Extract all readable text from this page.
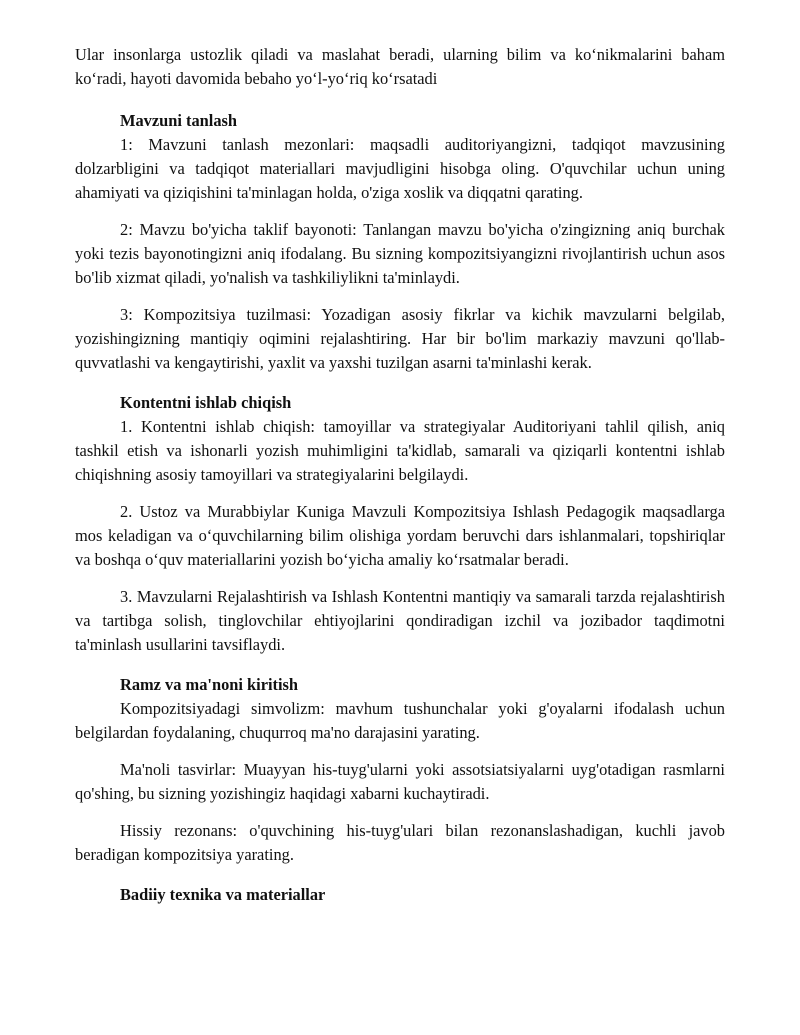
Ular insonlarga ustozlik qiladi va maslahat beradi, ularning bilim va ko‘nikmalarini baham ko‘radi, hayoti davomida bebaho yo‘l-yo‘riq ko‘rsatadi

Mavzuni tanlash

1: Mavzuni tanlash mezonlari: maqsadli auditoriyangizni, tadqiqot mavzusining dolzarbligini va tadqiqot materiallari mavjudligini hisobga oling. O'quvchilar uchun uning ahamiyati va qiziqishini ta'minlagan holda, o'ziga xoslik va diqqatni qarating.

2: Mavzu bo'yicha taklif bayonoti: Tanlangan mavzu bo'yicha o'zingizning aniq burchak yoki tezis bayonotingizni aniq ifodalang. Bu sizning kompozitsiyangizni rivojlantirish uchun asos bo'lib xizmat qiladi, yo'nalish va tashkiliylikni ta'minlaydi.

3: Kompozitsiya tuzilmasi: Yozadigan asosiy fikrlar va kichik mavzularni belgilab, yozishingizning mantiqiy oqimini rejalashtiring. Har bir bo'lim markaziy mavzuni qo'llab-quvvatlashi va kengaytirishi, yaxlit va yaxshi tuzilgan asarni ta'minlashi kerak.

Kontentni ishlab chiqish

1. Kontentni ishlab chiqish: tamoyillar va strategiyalar Auditoriyani tahlil qilish, aniq tashkil etish va ishonarli yozish muhimligini ta'kidlab, samarali va qiziqarli kontentni ishlab chiqishning asosiy tamoyillari va strategiyalarini belgilaydi.

2. Ustoz va Murabbiylar Kuniga Mavzuli Kompozitsiya Ishlash Pedagogik maqsadlarga mos keladigan va o‘quvchilarning bilim olishiga yordam beruvchi dars ishlanmalari, topshiriqlar va boshqa o‘quv materiallarini yozish bo‘yicha amaliy ko‘rsatmalar beradi.

3. Mavzularni Rejalashtirish va Ishlash Kontentni mantiqiy va samarali tarzda rejalashtirish va tartibga solish, tinglovchilar ehtiyojlarini qondiradigan izchil va jozibador taqdimotni ta'minlash usullarini tavsiflaydi.

Ramz va ma'noni kiritish

Kompozitsiyadagi simvolizm: mavhum tushunchalar yoki g'oyalarni ifodalash uchun belgilardan foydalaning, chuqurroq ma'no darajasini yarating.

Ma'noli tasvirlar: Muayyan his-tuyg'ularni yoki assotsiatsiyalarni uyg'otadigan rasmlarni qo'shing, bu sizning yozishingiz haqidagi xabarni kuchaytiradi.

Hissiy rezonans: o'quvchining his-tuyg'ulari bilan rezonanslashadigan, kuchli javob beradigan kompozitsiya yarating.

Badiiy texnika va materiallar
